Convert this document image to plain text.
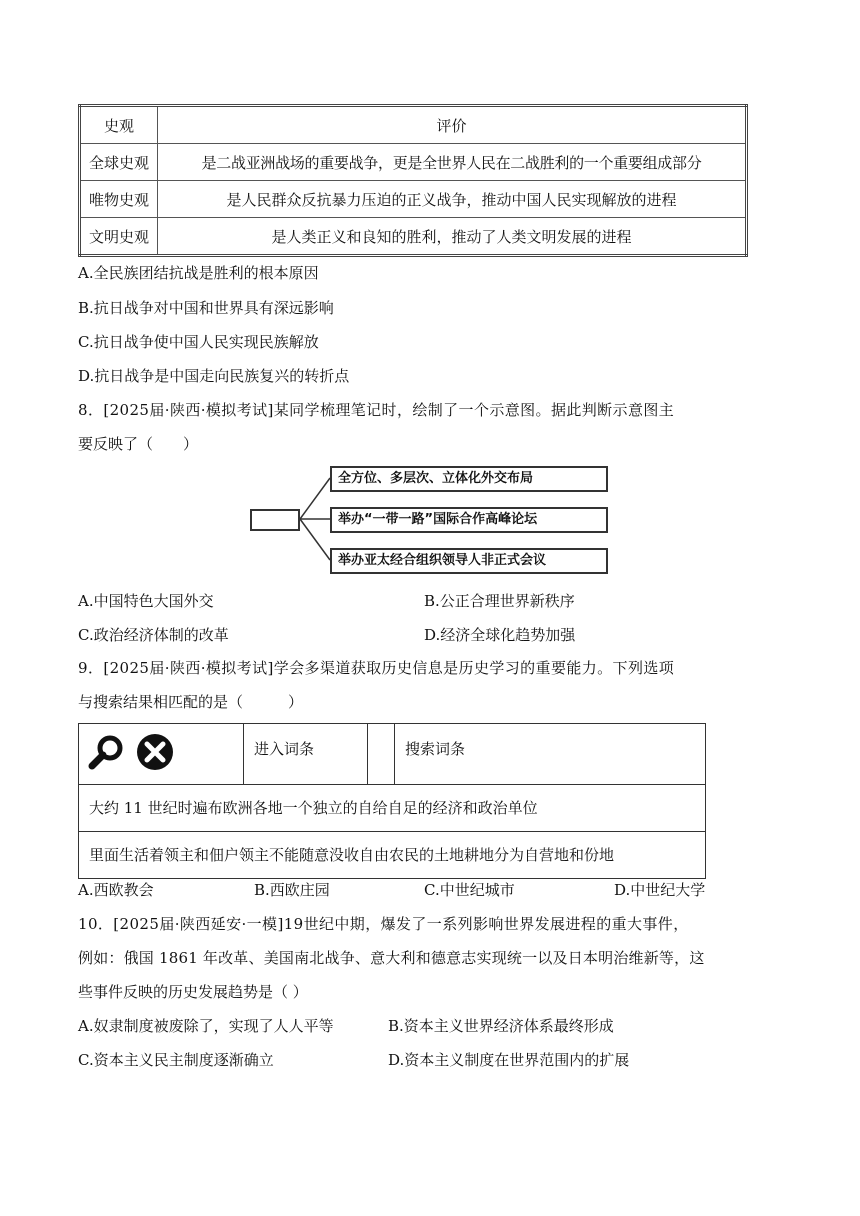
史观	评价
全球史观	是二战亚洲战场的重要战争，更是全世界人民在二战胜利的一个重要组成部分
唯物史观	是人民群众反抗暴力压迫的正义战争，推动中国人民实现解放的进程
文明史观	是人类正义和良知的胜利，推动了人类文明发展的进程
A.全民族团结抗战是胜利的根本原因
B.抗日战争对中国和世界具有深远影响
C.抗日战争使中国人民实现民族解放
D.抗日战争是中国走向民族复兴的转折点
8．[2025届·陕西·模拟考试]某同学梳理笔记时，绘制了一个示意图。据此判断示意图主
要反映了（　　）
全方位、多层次、立体化外交布局
举办“一带一路”国际合作高峰论坛
举办亚太经合组织领导人非正式会议
A.中国特色大国外交	B.公正合理世界新秩序
C.政治经济体制的改革	D.经济全球化趋势加强
9．[2025届·陕西·模拟考试]学会多渠道获取历史信息是历史学习的重要能力。下列选项
与搜索结果相匹配的是（　　　）
进入词条	搜索词条
大约 11 世纪时遍布欧洲各地一个独立的自给自足的经济和政治单位
里面生活着领主和佃户领主不能随意没收自由农民的土地耕地分为自营地和份地
A.西欧教会	B.西欧庄园	C.中世纪城市	D.中世纪大学
10．[2025届·陕西延安·一模]19世纪中期，爆发了一系列影响世界发展进程的重大事件，
例如：俄国 1861 年改革、美国南北战争、意大利和德意志实现统一以及日本明治维新等，这
些事件反映的历史发展趋势是（ ）
A.奴隶制度被废除了，实现了人人平等	B.资本主义世界经济体系最终形成
C.资本主义民主制度逐渐确立	D.资本主义制度在世界范围内的扩展
